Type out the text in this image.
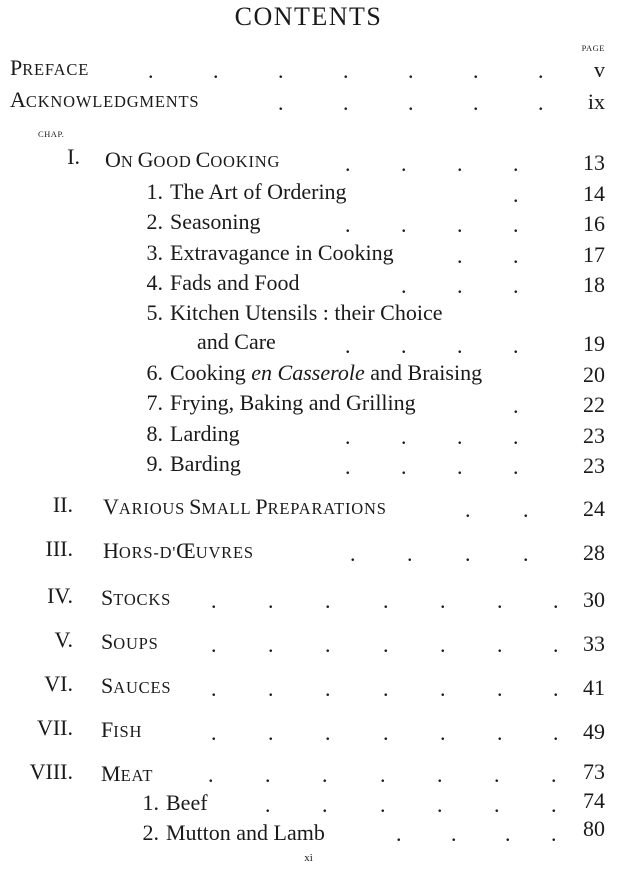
CONTENTS
PAGE
PREFACE	v
ACKNOWLEDGMENTS	ix
CHAP.
I. ON GOOD COOKING	13
1. The Art of Ordering	14
2. Seasoning	16
3. Extravagance in Cooking	17
4. Fads and Food	18
5. Kitchen Utensils : their Choice
and Care	19
6. Cooking en Casserole and Braising	20
7. Frying, Baking and Grilling	22
8. Larding	23
9. Barding	23
II. VARIOUS SMALL PREPARATIONS	24
III. HORS-D'ŒUVRES	28
IV. STOCKS	30
V. SOUPS	33
VI. SAUCES	41
VII. FISH	49
VIII. MEAT	73
1. Beef	74
2. Mutton and Lamb	80
.	.	.	.	.	.	.
.	.	.	.	.
. . . .
.
. . . .
. .
. . .
. . . .
.
. . . .
. . . .
. .
. . . .
. . . . . . .
. . . . . . .
. . . . . . .
. . . . . . .
. . . . . . .
. . . . . .
. . . .
xi
